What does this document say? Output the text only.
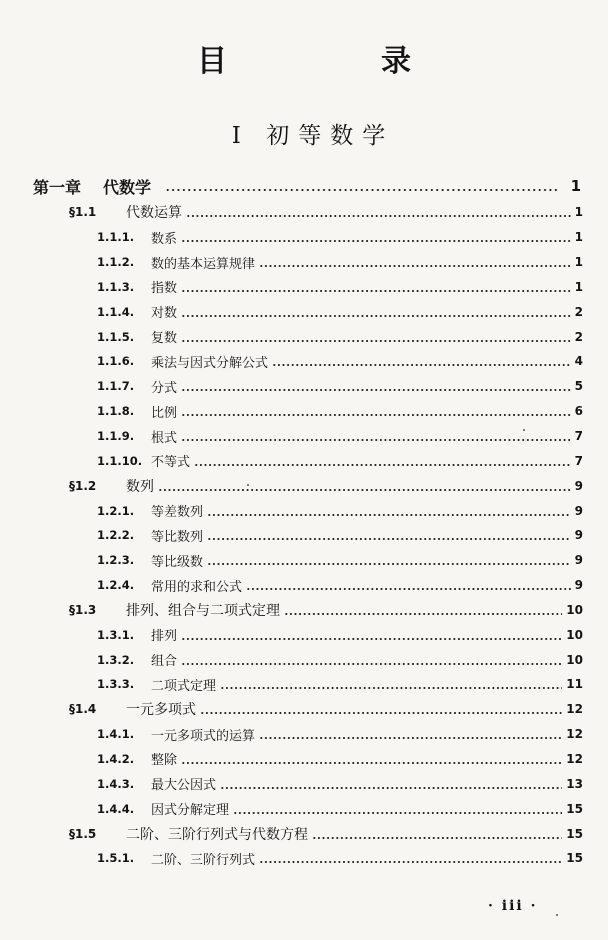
目　录
I 初等数学
第一章 代数学	1
§1.1	代数运算	1
1.1.1.	数系	1
1.1.2.	数的基本运算规律	1
1.1.3.	指数	1
1.1.4.	对数	2
1.1.5.	复数	2
1.1.6.	乘法与因式分解公式	4
1.1.7.	分式	5
1.1.8.	比例	6
1.1.9.	根式	7
1.1.10. 不等式	7
§1.2	数列	9
1.2.1.	等差数列	9
1.2.2.	等比数列	9
1.2.3.	等比级数	9
1.2.4.	常用的求和公式	9
§1.3	排列、组合与二项式定理	10
1.3.1.	排列	10
1.3.2.	组合	10
1.3.3.	二项式定理	11
§1.4	一元多项式	12
1.4.1.	一元多项式的运算	12
1.4.2.	整除	12
1.4.3.	最大公因式	13
1.4.4.	因式分解定理	15
§1.5	二阶、三阶行列式与代数方程	15
1.5.1.	二阶、三阶行列式	15
· iii ·
